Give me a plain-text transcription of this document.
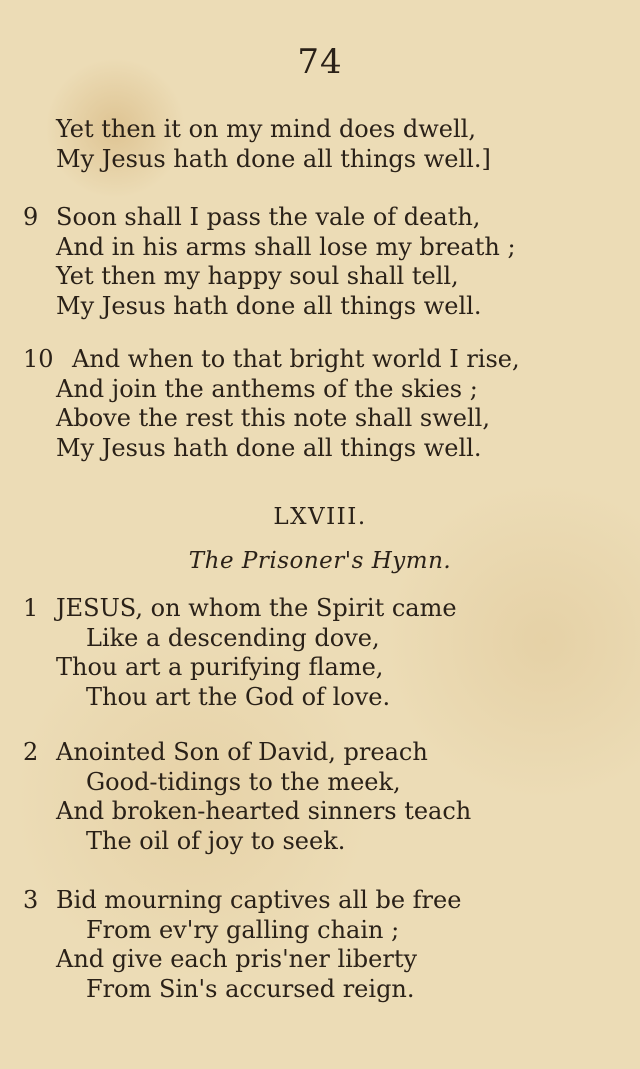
74
Yet then it on my mind does dwell,
My Jesus hath done all things well.]
9 Soon shall I pass the vale of death,
And in his arms shall lose my breath ;
Yet then my happy soul shall tell,
My Jesus hath done all things well.
10 And when to that bright world I rise,
And join the anthems of the skies ;
Above the rest this note shall swell,
My Jesus hath done all things well.
LXVIII.
The Prisoner's Hymn.
1 JESUS, on whom the Spirit came
Like a descending dove,
Thou art a purifying flame,
Thou art the God of love.
2 Anointed Son of David, preach
Good-tidings to the meek,
And broken-hearted sinners teach
The oil of joy to seek.
3 Bid mourning captives all be free
From ev'ry galling chain ;
And give each pris'ner liberty
From Sin's accursed reign.
